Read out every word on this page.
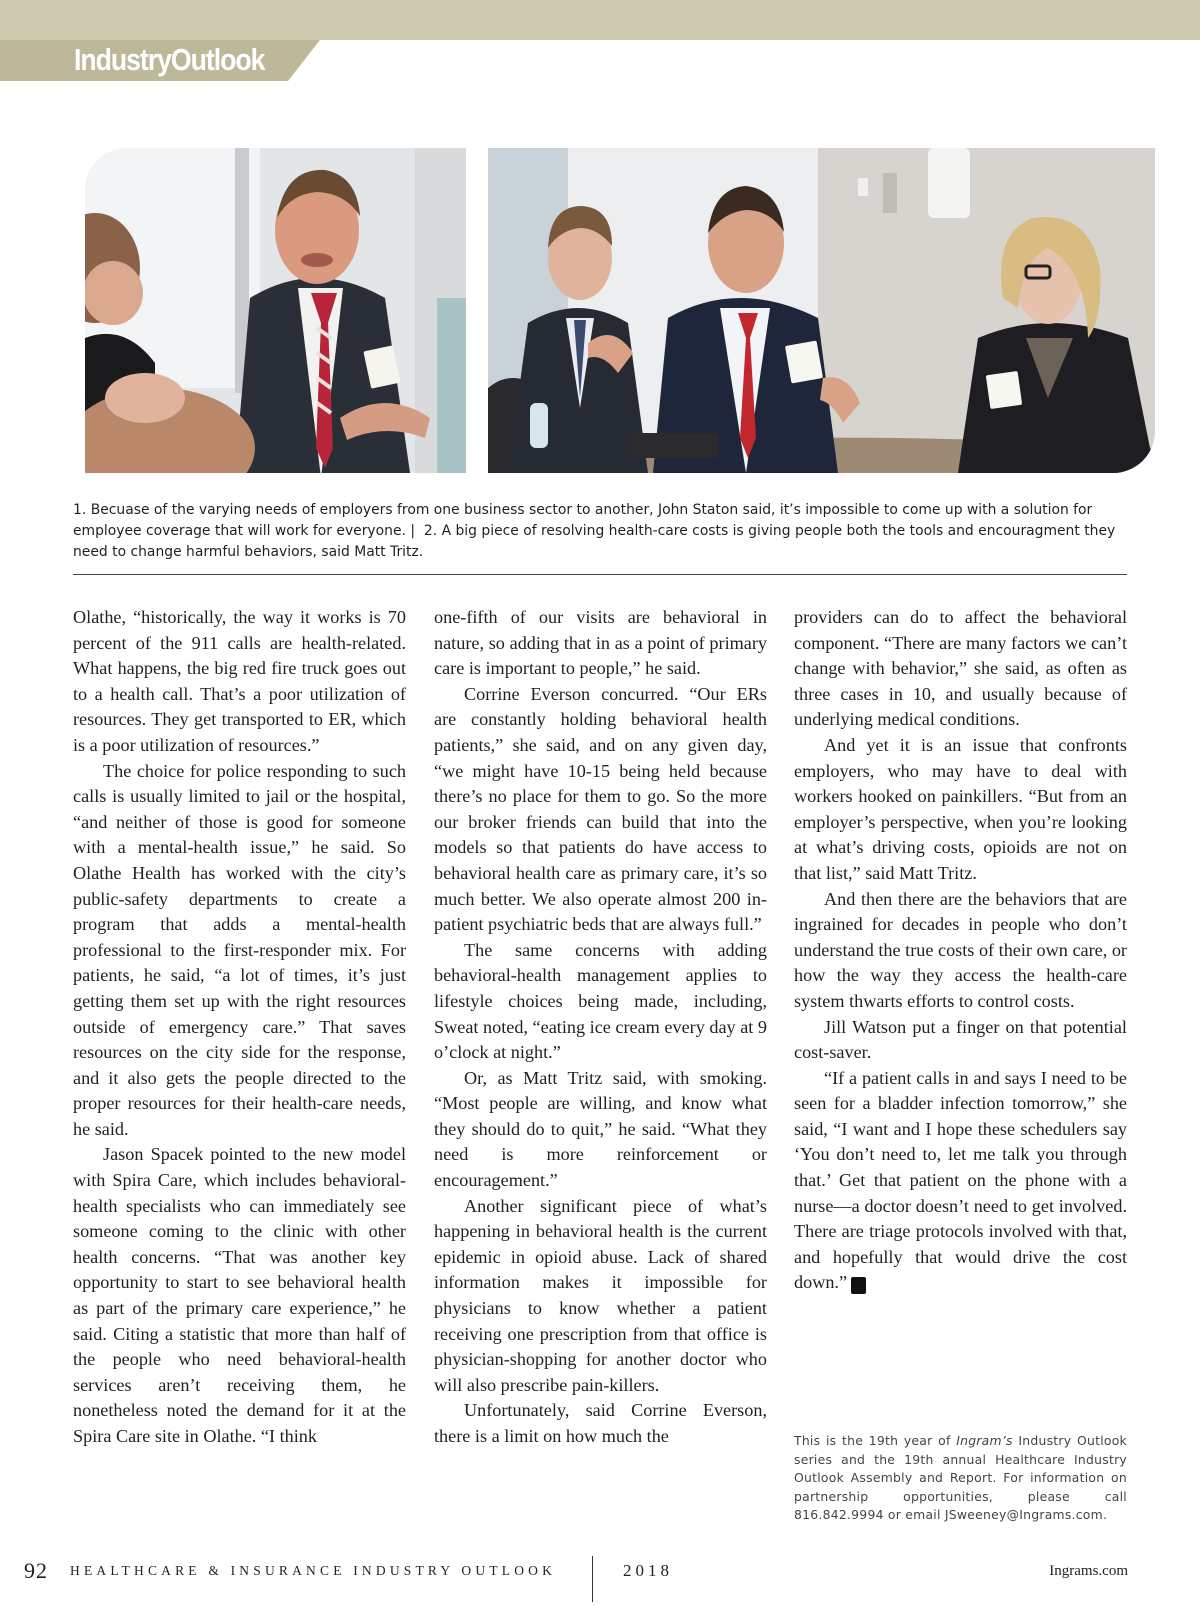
IndustryOutlook
1. Becuase of the varying needs of employers from one business sector to another, John Staton said, it’s impossible to come up with a solution for employee coverage that will work for everyone. | 2. A big piece of resolving health-care costs is giving people both the tools and encouragment they need to change harmful behaviors, said Matt Tritz.

Olathe, “historically, the way it works is 70 percent of the 911 calls are health-related. What happens, the big red fire truck goes out to a health call. That’s a poor utilization of resources. They get transported to ER, which is a poor utilization of resources.”

The choice for police responding to such calls is usually limited to jail or the hospital, “and neither of those is good for someone with a mental-health issue,” he said. So Olathe Health has worked with the city’s public-safety departments to create a program that adds a mental-health professional to the first-responder mix. For patients, he said, “a lot of times, it’s just getting them set up with the right resources outside of emergency care.” That saves resources on the city side for the response, and it also gets the people directed to the proper resources for their health-care needs, he said.

Jason Spacek pointed to the new model with Spira Care, which includes behavioral-health specialists who can immediately see someone coming to the clinic with other health concerns. “That was another key opportunity to start to see behavioral health as part of the primary care experience,” he said. Citing a statistic that more than half of the people who need behavioral-health services aren’t receiving them, he nonetheless noted the demand for it at the Spira Care site in Olathe. “I think

one-fifth of our visits are behavioral in nature, so adding that in as a point of primary care is important to people,” he said.

Corrine Everson concurred. “Our ERs are constantly holding behavioral health patients,” she said, and on any given day, “we might have 10-15 being held because there’s no place for them to go. So the more our broker friends can build that into the models so that patients do have access to behavioral health care as primary care, it’s so much better. We also operate almost 200 in-patient psychiatric beds that are always full.”

The same concerns with adding behavioral-health management applies to lifestyle choices being made, including, Sweat noted, “eating ice cream every day at 9 o’clock at night.”

Or, as Matt Tritz said, with smoking. “Most people are willing, and know what they should do to quit,” he said. “What they need is more reinforcement or encouragement.”

Another significant piece of what’s happening in behavioral health is the current epidemic in opioid abuse. Lack of shared information makes it impossible for physicians to know whether a patient receiving one prescription from that office is physician-shopping for another doctor who will also prescribe pain-killers.

Unfortunately, said Corrine Everson, there is a limit on how much the

providers can do to affect the behavioral component. “There are many factors we can’t change with behavior,” she said, as often as three cases in 10, and usually because of underlying medical conditions.

And yet it is an issue that confronts employers, who may have to deal with workers hooked on painkillers. “But from an employer’s perspective, when you’re looking at what’s driving costs, opioids are not on that list,” said Matt Tritz.

And then there are the behaviors that are ingrained for decades in people who don’t understand the true costs of their own care, or how the way they access the health-care system thwarts efforts to control costs.

Jill Watson put a finger on that potential cost-saver.

“If a patient calls in and says I need to be seen for a bladder infection tomorrow,” she said, “I want and I hope these schedulers say ‘You don’t need to, let me talk you through that.’ Get that patient on the phone with a nurse—a doctor doesn’t need to get involved. There are triage protocols involved with that, and hopefully that would drive the cost down.”	I

This is the 19th year of Ingram’s Industry Outlook series and the 19th annual Healthcare Industry Outlook Assembly and Report. For information on partnership opportunities, please call 816.842.9994 or email JSweeney@Ingrams.com.
92 HEALTHCARE & INSURANCE INDUSTRY OUTLOOK	2018	Ingrams.com
